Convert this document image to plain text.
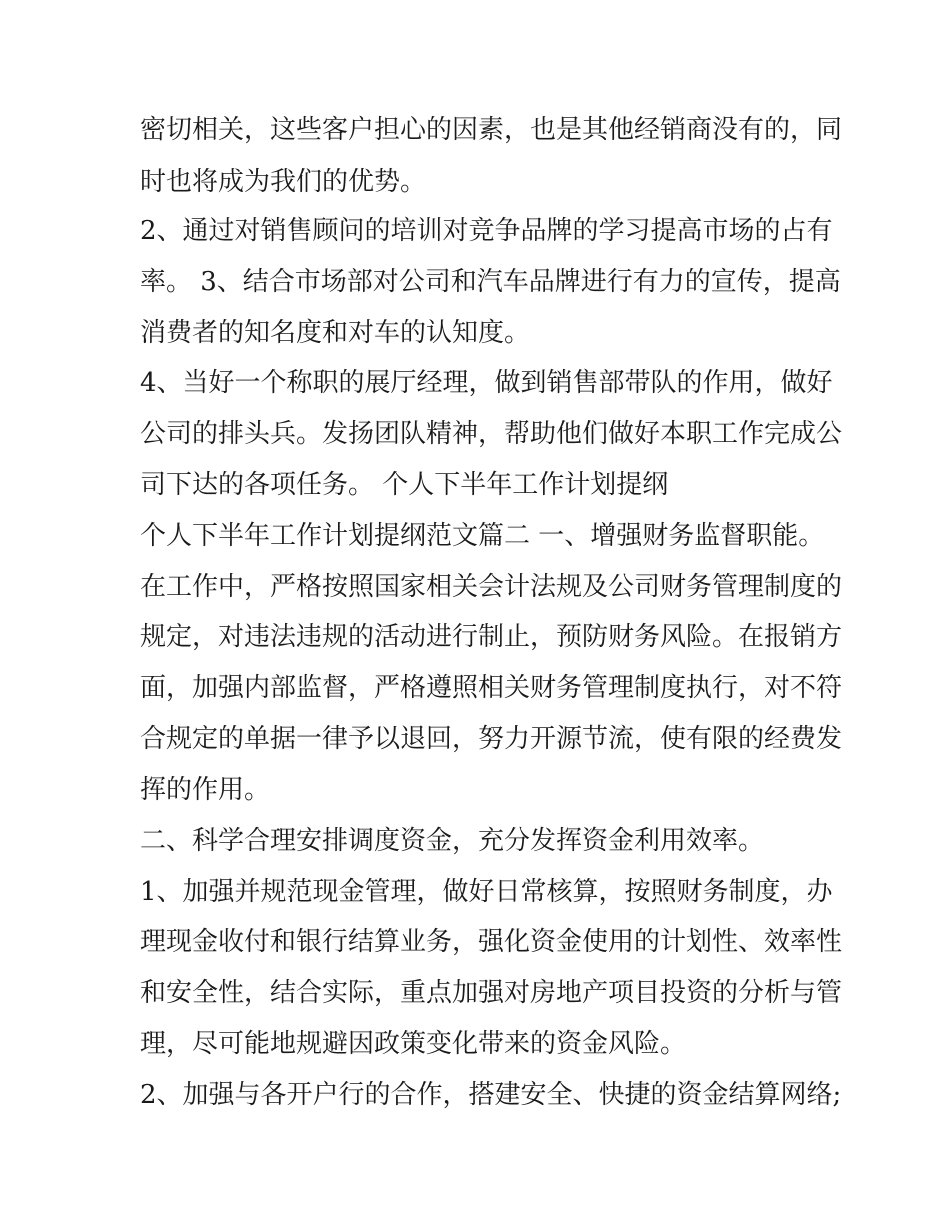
密切相关，这些客户担心的因素，也是其他经销商没有的，同
时也将成为我们的优势。
2、通过对销售顾问的培训对竞争品牌的学习提高市场的占有
率。 3、结合市场部对公司和汽车品牌进行有力的宣传，提高
消费者的知名度和对车的认知度。
4、当好一个称职的展厅经理，做到销售部带队的作用，做好
公司的排头兵。发扬团队精神，帮助他们做好本职工作完成公
司下达的各项任务。 个人下半年工作计划提纲
个人下半年工作计划提纲范文篇二 一、增强财务监督职能。
在工作中，严格按照国家相关会计法规及公司财务管理制度的
规定，对违法违规的活动进行制止，预防财务风险。在报销方
面，加强内部监督，严格遵照相关财务管理制度执行，对不符
合规定的单据一律予以退回，努力开源节流，使有限的经费发
挥的作用。
二、科学合理安排调度资金，充分发挥资金利用效率。
1、加强并规范现金管理，做好日常核算，按照财务制度，办
理现金收付和银行结算业务，强化资金使用的计划性、效率性
和安全性，结合实际，重点加强对房地产项目投资的分析与管
理，尽可能地规避因政策变化带来的资金风险。
2、加强与各开户行的合作，搭建安全、快捷的资金结算网络;
